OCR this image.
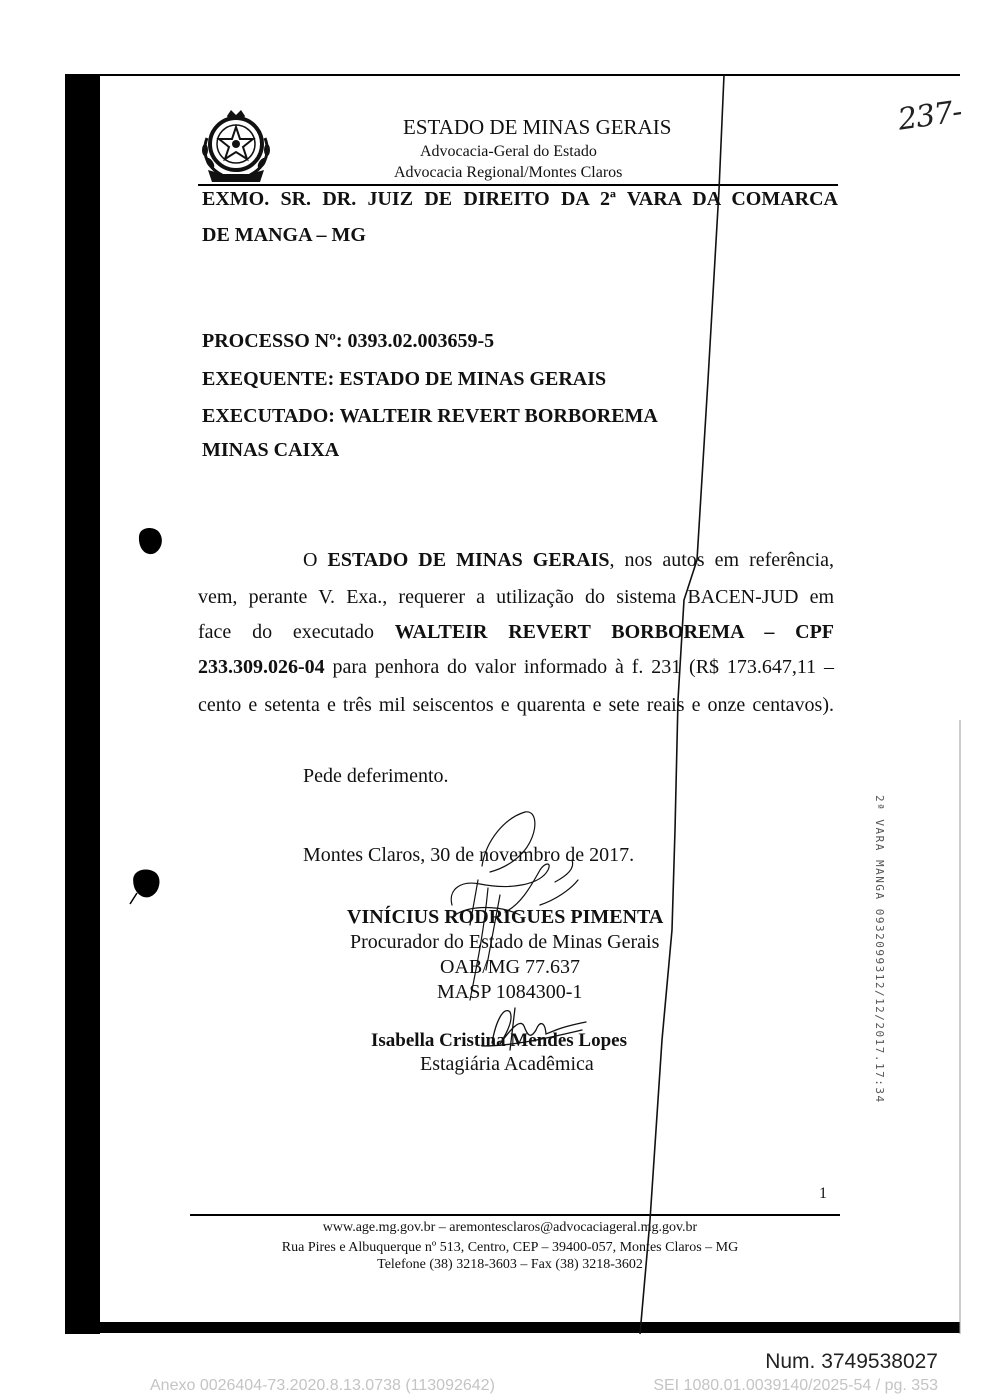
237-
ESTADO DE MINAS GERAIS
Advocacia-Geral do Estado
Advocacia Regional/Montes Claros
EXMO. SR. DR. JUIZ DE DIREITO DA 2ª VARA DA COMARCA
DE MANGA – MG
PROCESSO Nº: 0393.02.003659-5
EXEQUENTE: ESTADO DE MINAS GERAIS
EXECUTADO: WALTEIR REVERT BORBOREMA
MINAS CAIXA
O ESTADO DE MINAS GERAIS, nos autos em referência,
vem, perante V. Exa., requerer a utilização do sistema BACEN-JUD em
face do executado WALTEIR REVERT BORBOREMA – CPF
233.309.026-04 para penhora do valor informado à f. 231 (R$ 173.647,11 –
cento e setenta e três mil seiscentos e quarenta e sete reais e onze centavos).
Pede deferimento.
Montes Claros, 30 de novembro de 2017.
VINÍCIUS RODRIGUES PIMENTA
Procurador do Estado de Minas Gerais
OAB/MG 77.637
MASP 1084300-1
Isabella Cristina Mendes Lopes
Estagiária Acadêmica
1
www.age.mg.gov.br – aremontesclaros@advocaciageral.mg.gov.br
Rua Pires e Albuquerque nº 513, Centro, CEP – 39400-057, Montes Claros – MG
Telefone (38) 3218-3603 – Fax (38) 3218-3602
2ª VARA MANGA 0932099312/12/2017.17:34
Num. 3749538027
Anexo 0026404-73.2020.8.13.0738 (113092642)	SEI 1080.01.0039140/2025-54 / pg. 353
